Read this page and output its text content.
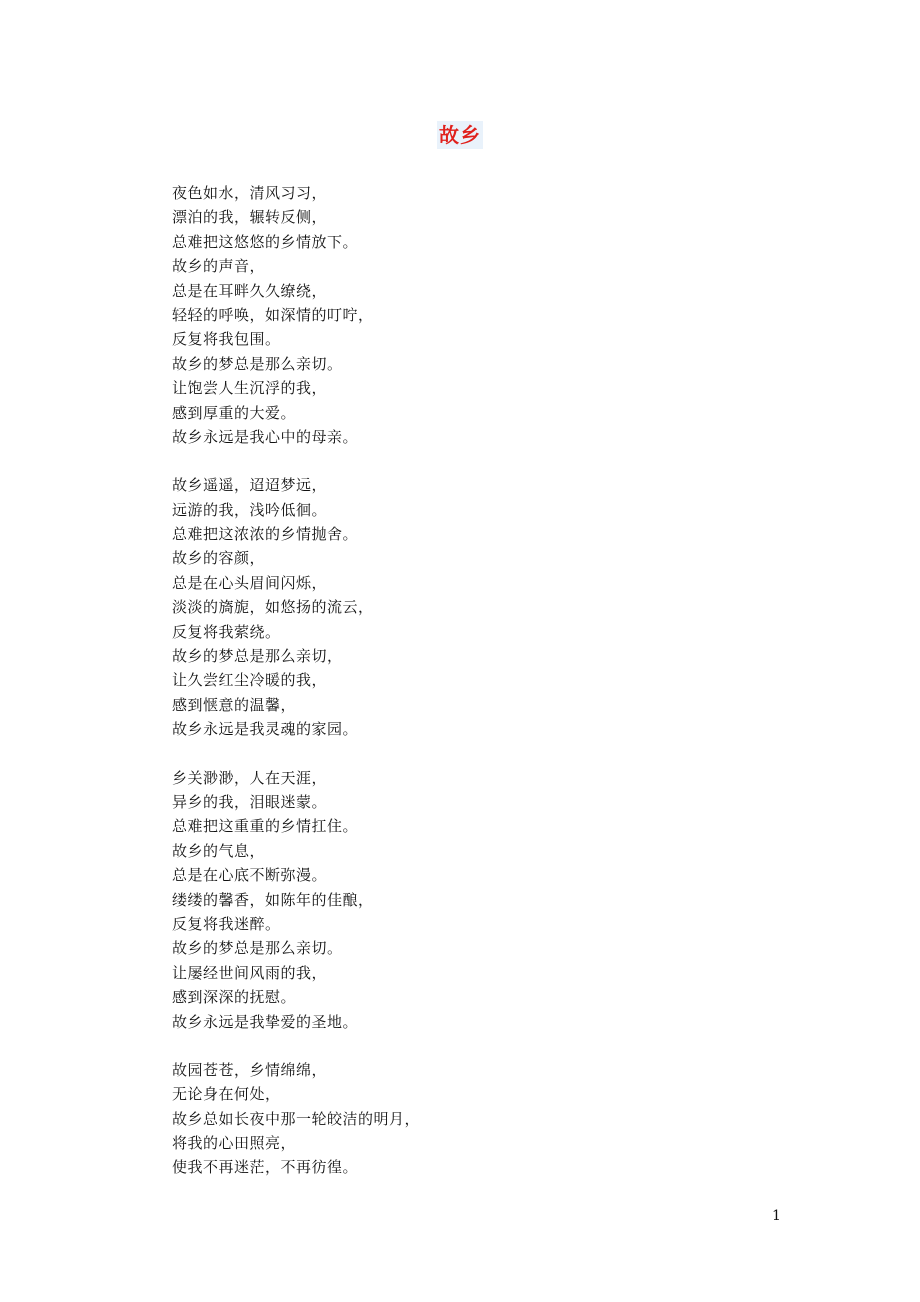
故乡
夜色如水，清风习习，
漂泊的我，辗转反侧，
总难把这悠悠的乡情放下。
故乡的声音，
总是在耳畔久久缭绕，
轻轻的呼唤，如深情的叮咛，
反复将我包围。
故乡的梦总是那么亲切。
让饱尝人生沉浮的我，
感到厚重的大爱。
故乡永远是我心中的母亲。
故乡遥遥，迢迢梦远，
远游的我，浅吟低徊。
总难把这浓浓的乡情抛舍。
故乡的容颜，
总是在心头眉间闪烁，
淡淡的旖旎，如悠扬的流云，
反复将我萦绕。
故乡的梦总是那么亲切，
让久尝红尘冷暖的我，
感到惬意的温馨，
故乡永远是我灵魂的家园。
乡关渺渺，人在天涯，
异乡的我，泪眼迷蒙。
总难把这重重的乡情扛住。
故乡的气息，
总是在心底不断弥漫。
缕缕的馨香，如陈年的佳酿，
反复将我迷醉。
故乡的梦总是那么亲切。
让屡经世间风雨的我，
感到深深的抚慰。
故乡永远是我挚爱的圣地。
故园苍苍，乡情绵绵，
无论身在何处，
故乡总如长夜中那一轮皎洁的明月，
将我的心田照亮，
使我不再迷茫，不再彷徨。
1
